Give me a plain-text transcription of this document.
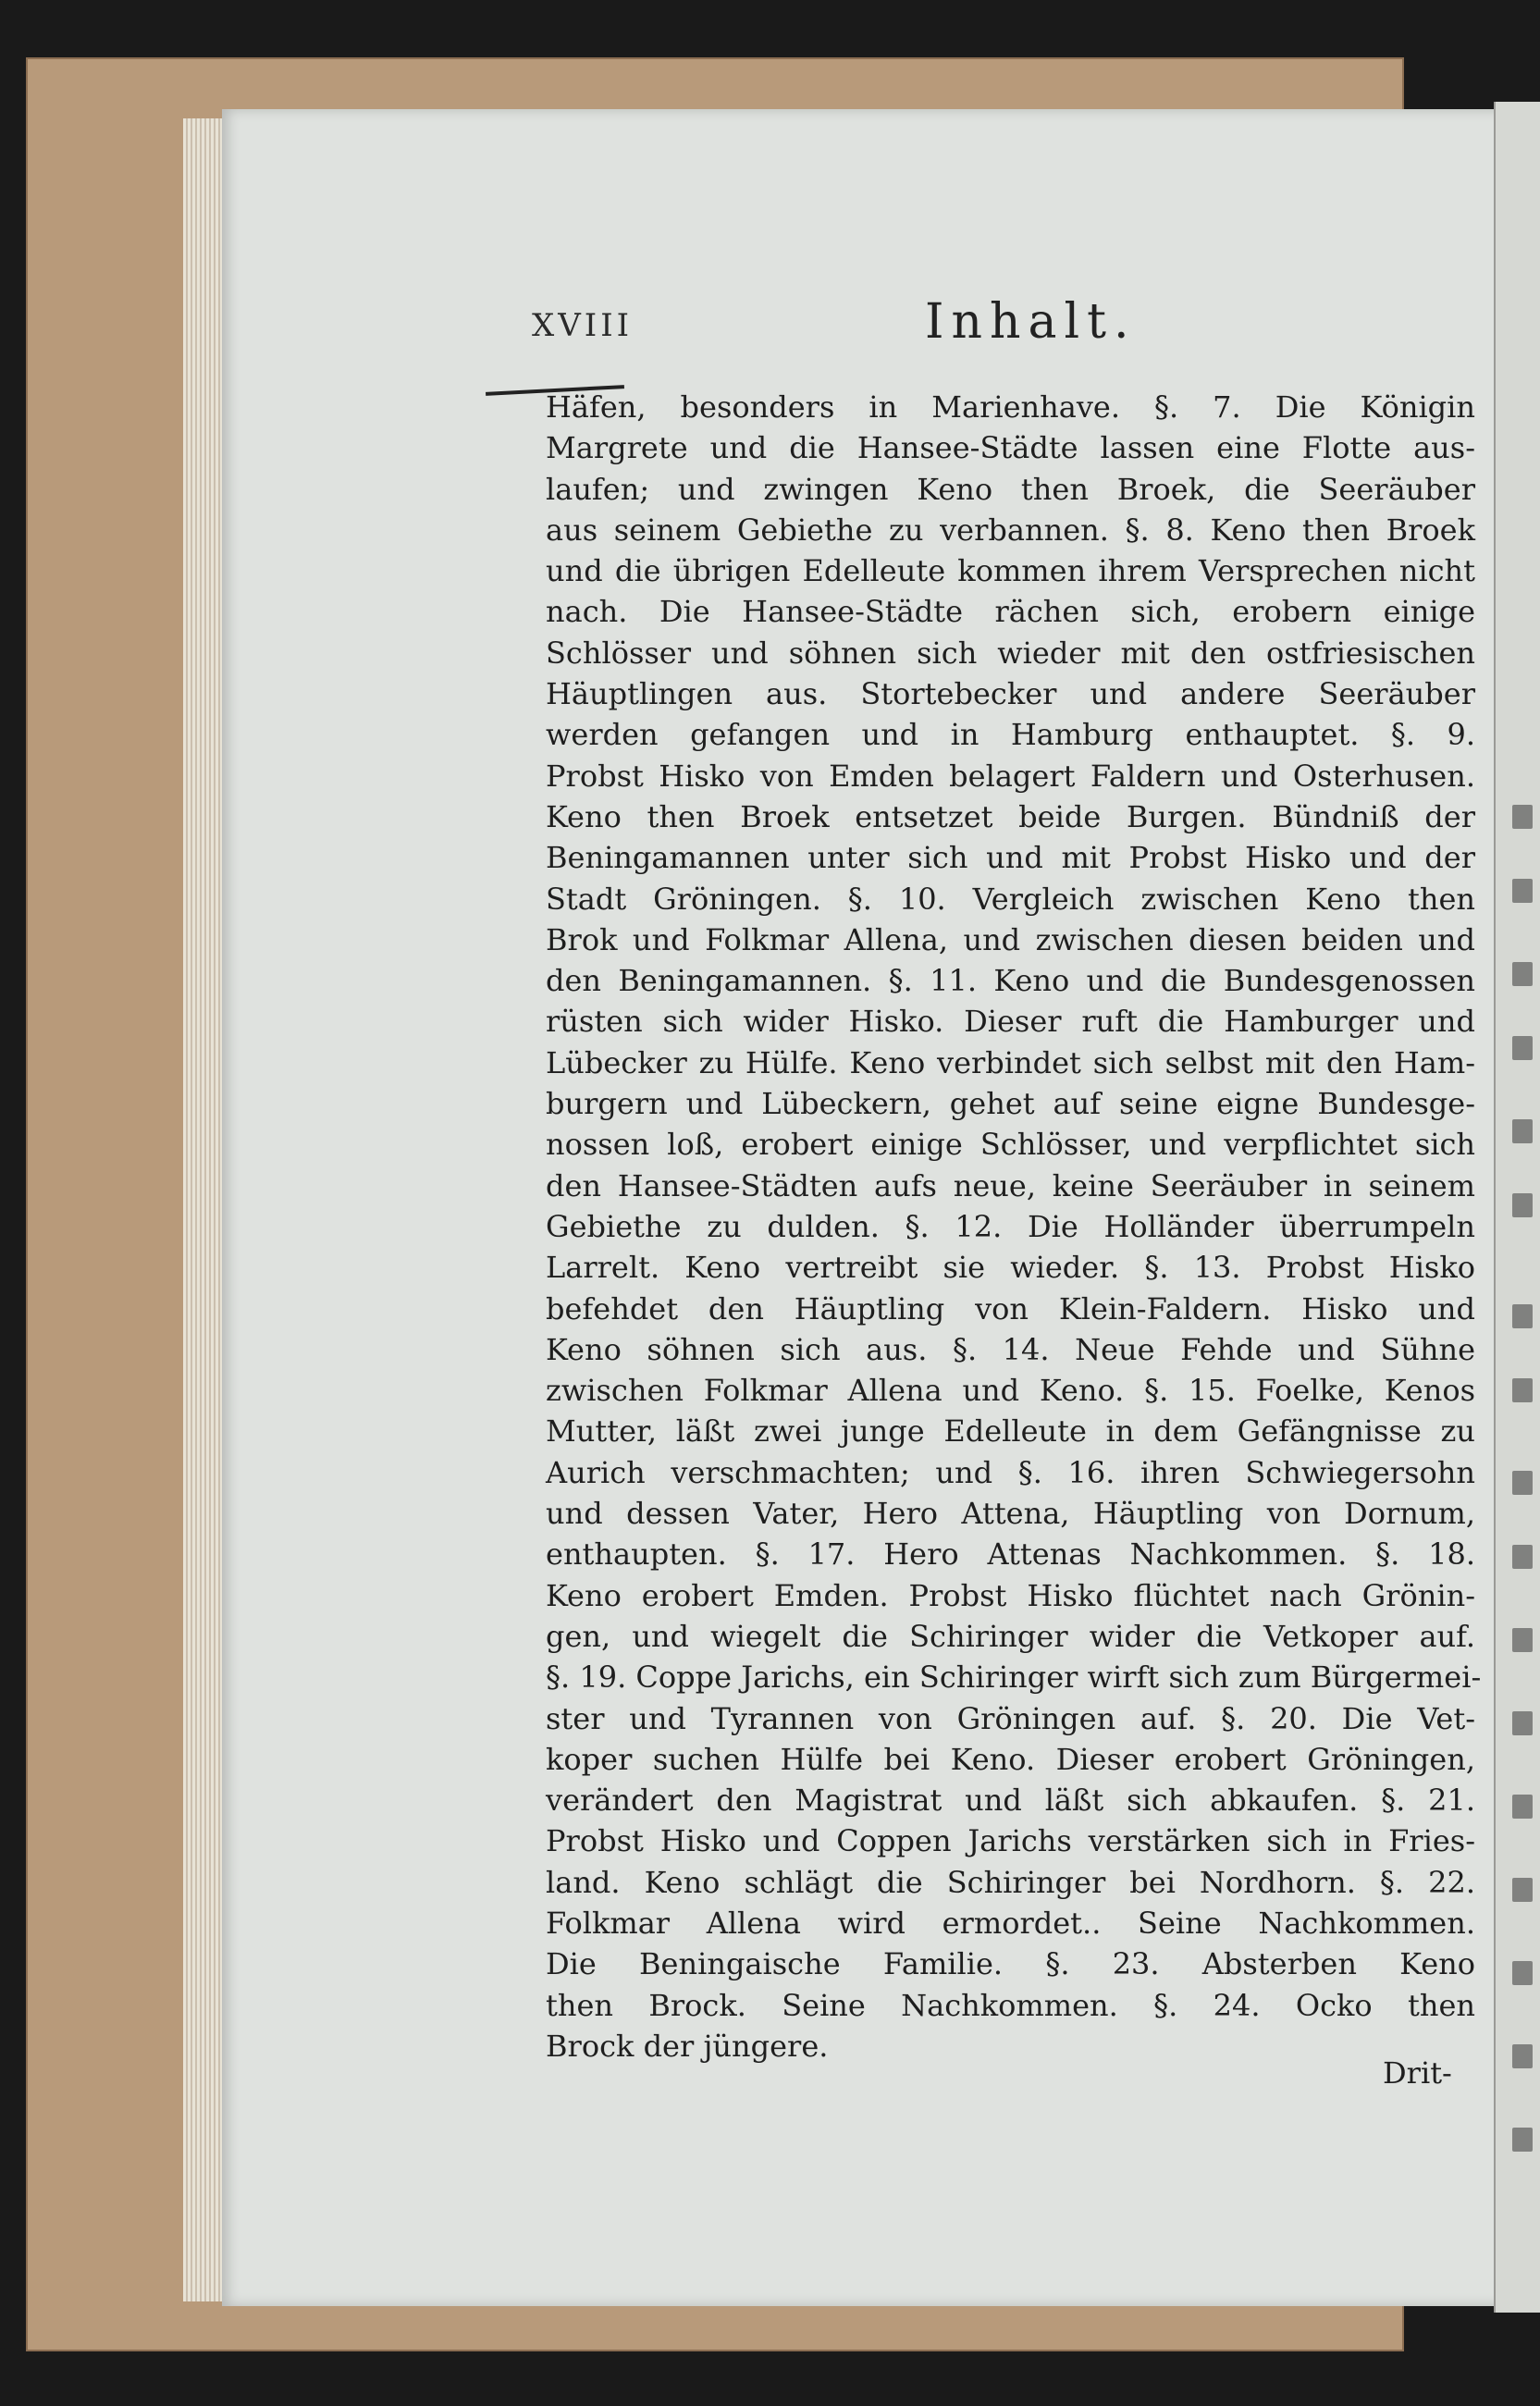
XVIII	Inhalt.
Häfen, besonders in Marienhave. §. 7. Die Königin
Margrete und die Hansee-Städte lassen eine Flotte aus-
laufen; und zwingen Keno then Broek, die Seeräuber
aus seinem Gebiethe zu verbannen. §. 8. Keno then Broek
und die übrigen Edelleute kommen ihrem Versprechen nicht
nach. Die Hansee-Städte rächen sich, erobern einige
Schlösser und söhnen sich wieder mit den ostfriesischen
Häuptlingen aus. Stortebecker und andere Seeräuber
werden gefangen und in Hamburg enthauptet. §. 9.
Probst Hisko von Emden belagert Faldern und Osterhusen.
Keno then Broek entsetzet beide Burgen. Bündniß der
Beningamannen unter sich und mit Probst Hisko und der
Stadt Gröningen. §. 10. Vergleich zwischen Keno then
Brok und Folkmar Allena, und zwischen diesen beiden und
den Beningamannen. §. 11. Keno und die Bundesgenossen
rüsten sich wider Hisko. Dieser ruft die Hamburger und
Lübecker zu Hülfe. Keno verbindet sich selbst mit den Ham-
burgern und Lübeckern, gehet auf seine eigne Bundesge-
nossen loß, erobert einige Schlösser, und verpflichtet sich
den Hansee-Städten aufs neue, keine Seeräuber in seinem
Gebiethe zu dulden. §. 12. Die Holländer überrumpeln
Larrelt. Keno vertreibt sie wieder. §. 13. Probst Hisko
befehdet den Häuptling von Klein-Faldern. Hisko und
Keno söhnen sich aus. §. 14. Neue Fehde und Sühne
zwischen Folkmar Allena und Keno. §. 15. Foelke, Kenos
Mutter, läßt zwei junge Edelleute in dem Gefängnisse zu
Aurich verschmachten; und §. 16. ihren Schwiegersohn
und dessen Vater, Hero Attena, Häuptling von Dornum,
enthaupten. §. 17. Hero Attenas Nachkommen. §. 18.
Keno erobert Emden. Probst Hisko flüchtet nach Grönin-
gen, und wiegelt die Schiringer wider die Vetkoper auf.
§. 19. Coppe Jarichs, ein Schiringer wirft sich zum Bürgermei-
ster und Tyrannen von Gröningen auf. §. 20. Die Vet-
koper suchen Hülfe bei Keno. Dieser erobert Gröningen,
verändert den Magistrat und läßt sich abkaufen. §. 21.
Probst Hisko und Coppen Jarichs verstärken sich in Fries-
land. Keno schlägt die Schiringer bei Nordhorn. §. 22.
Folkmar Allena wird ermordet.. Seine Nachkommen.
Die Beningaische Familie. §. 23. Absterben Keno
then Brock. Seine Nachkommen. §. 24. Ocko then
Brock der jüngere.
Drit-
